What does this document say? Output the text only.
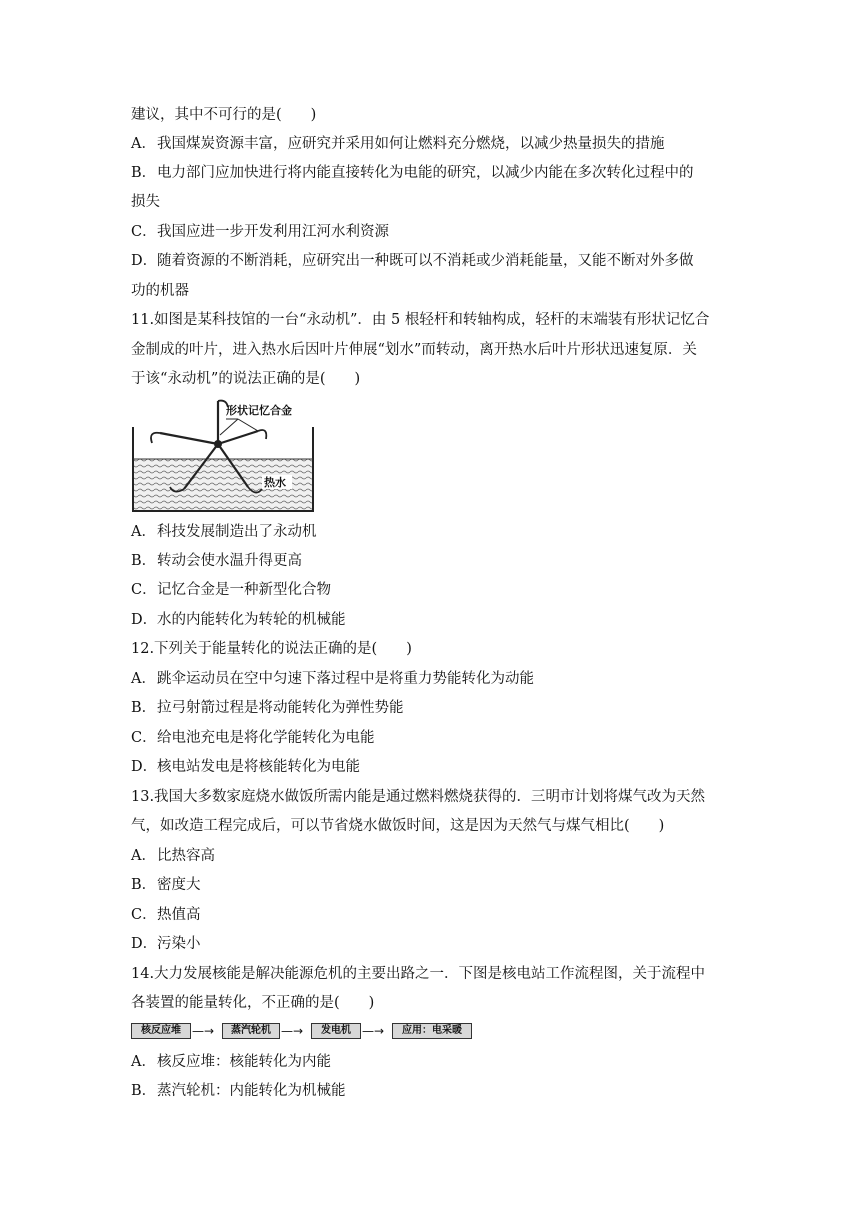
建议，其中不可行的是(　　)
A．我国煤炭资源丰富，应研究并采用如何让燃料充分燃烧，以减少热量损失的措施
B．电力部门应加快进行将内能直接转化为电能的研究，以减少内能在多次转化过程中的
损失
C．我国应进一步开发利用江河水利资源
D．随着资源的不断消耗，应研究出一种既可以不消耗或少消耗能量，又能不断对外多做
功的机器
11.如图是某科技馆的一台“永动机”．由 5 根轻杆和转轴构成，轻杆的末端装有形状记忆合
金制成的叶片，进入热水后因叶片伸展“划水”而转动，离开热水后叶片形状迅速复原．关
于该“永动机”的说法正确的是(　　)
形状记忆合金
热水
A．科技发展制造出了永动机
B．转动会使水温升得更高
C．记忆合金是一种新型化合物
D．水的内能转化为转轮的机械能
12.下列关于能量转化的说法正确的是(　　)
A．跳伞运动员在空中匀速下落过程中是将重力势能转化为动能
B．拉弓射箭过程是将动能转化为弹性势能
C．给电池充电是将化学能转化为电能
D．核电站发电是将核能转化为电能
13.我国大多数家庭烧水做饭所需内能是通过燃料燃烧获得的．三明市计划将煤气改为天然
气，如改造工程完成后，可以节省烧水做饭时间，这是因为天然气与煤气相比(　　)
A．比热容高
B．密度大
C．热值高
D．污染小
14.大力发展核能是解决能源危机的主要出路之一．下图是核电站工作流程图，关于流程中
各装置的能量转化，不正确的是(　　)
核反应堆 —→	蒸汽轮机 —→	发电机 —→	应用：电采暖
A．核反应堆：核能转化为内能
B．蒸汽轮机：内能转化为机械能
